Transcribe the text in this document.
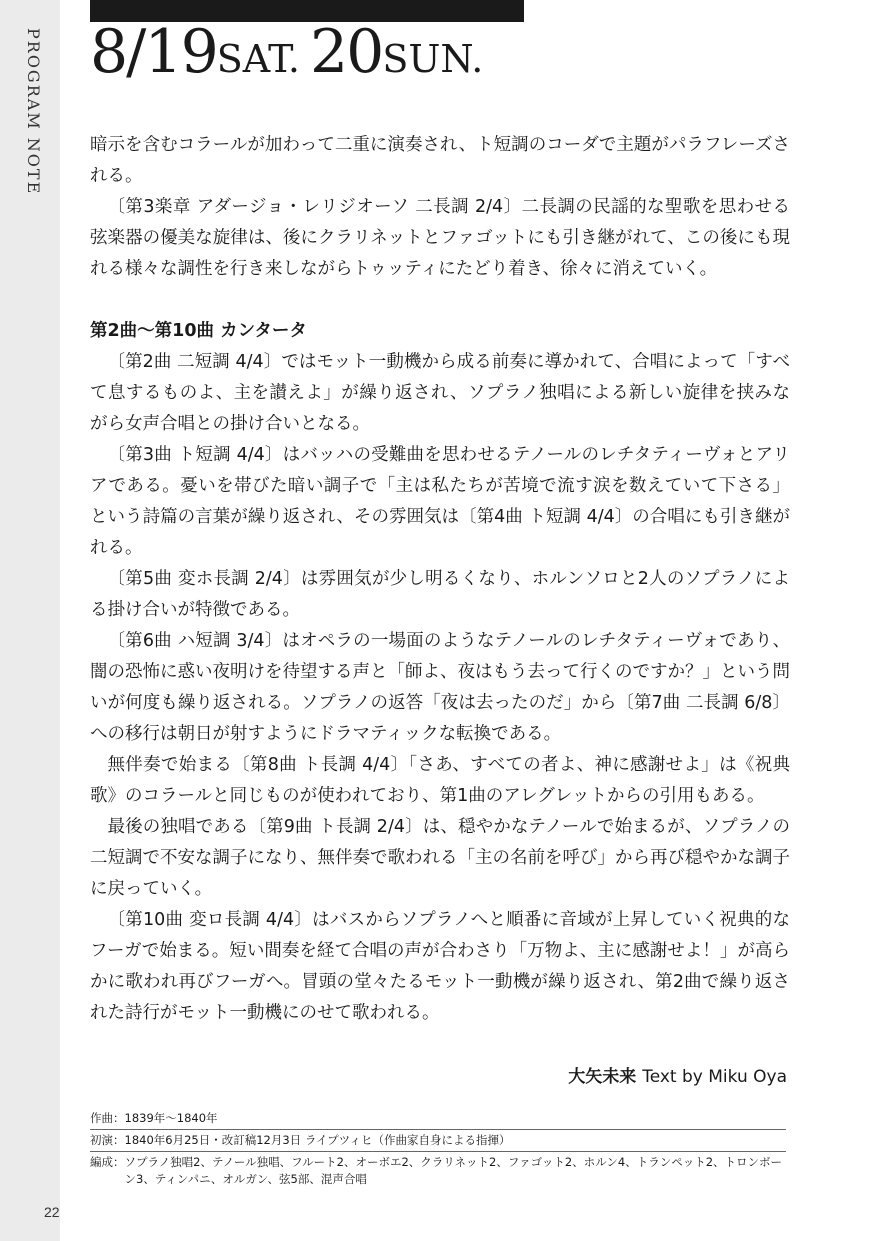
PROGRAM NOTE
22
8/19SAT. 20SUN.

暗示を含むコラールが加わって二重に演奏され、ト短調のコーダで主題がパラフレーズされる。

〔第3楽章 アダージョ・レリジオーソ 二長調 2/4〕二長調の民謡的な聖歌を思わせる弦楽器の優美な旋律は、後にクラリネットとファゴットにも引き継がれて、この後にも現れる様々な調性を行き来しながらトゥッティにたどり着き、徐々に消えていく。

第2曲～第10曲 カンタータ

〔第2曲 二短調 4/4〕ではモット一動機から成る前奏に導かれて、合唱によって「すべて息するものよ、主を讃えよ」が繰り返され、ソプラノ独唱による新しい旋律を挟みながら女声合唱との掛け合いとなる。

〔第3曲 ト短調 4/4〕はバッハの受難曲を思わせるテノールのレチタティーヴォとアリアである。憂いを帯びた暗い調子で「主は私たちが苦境で流す涙を数えていて下さる」という詩篇の言葉が繰り返され、その雰囲気は〔第4曲 ト短調 4/4〕の合唱にも引き継がれる。

〔第5曲 変ホ長調 2/4〕は雰囲気が少し明るくなり、ホルンソロと2人のソプラノによる掛け合いが特徴である。

〔第6曲 ハ短調 3/4〕はオペラの一場面のようなテノールのレチタティーヴォであり、闇の恐怖に惑い夜明けを待望する声と「師よ、夜はもう去って行くのですか？」という問いが何度も繰り返される。ソプラノの返答「夜は去ったのだ」から〔第7曲 二長調 6/8〕への移行は朝日が射すようにドラマティックな転換である。

無伴奏で始まる〔第8曲 ト長調 4/4〕「さあ、すべての者よ、神に感謝せよ」は《祝典歌》のコラールと同じものが使われており、第1曲のアレグレットからの引用もある。

最後の独唱である〔第9曲 ト長調 2/4〕は、穏やかなテノールで始まるが、ソプラノの二短調で不安な調子になり、無伴奏で歌われる「主の名前を呼び」から再び穏やかな調子に戻っていく。

〔第10曲 変ロ長調 4/4〕はバスからソプラノへと順番に音域が上昇していく祝典的なフーガで始まる。短い間奏を経て合唱の声が合わさり「万物よ、主に感謝せよ！」が高らかに歌われ再びフーガへ。冒頭の堂々たるモット一動機が繰り返され、第2曲で繰り返された詩行がモット一動機にのせて歌われる。

大矢未来 Text by Miku Oya
作曲： 1839年～1840年
初演： 1840年6月25日・改訂稿12月3日 ライプツィヒ（作曲家自身による指揮）
編成： ソプラノ独唱2、テノール独唱、フルート2、オーボエ2、クラリネット2、ファゴット2、ホルン4、トランペット2、トロンボーン3、ティンパニ、オルガン、弦5部、混声合唱
